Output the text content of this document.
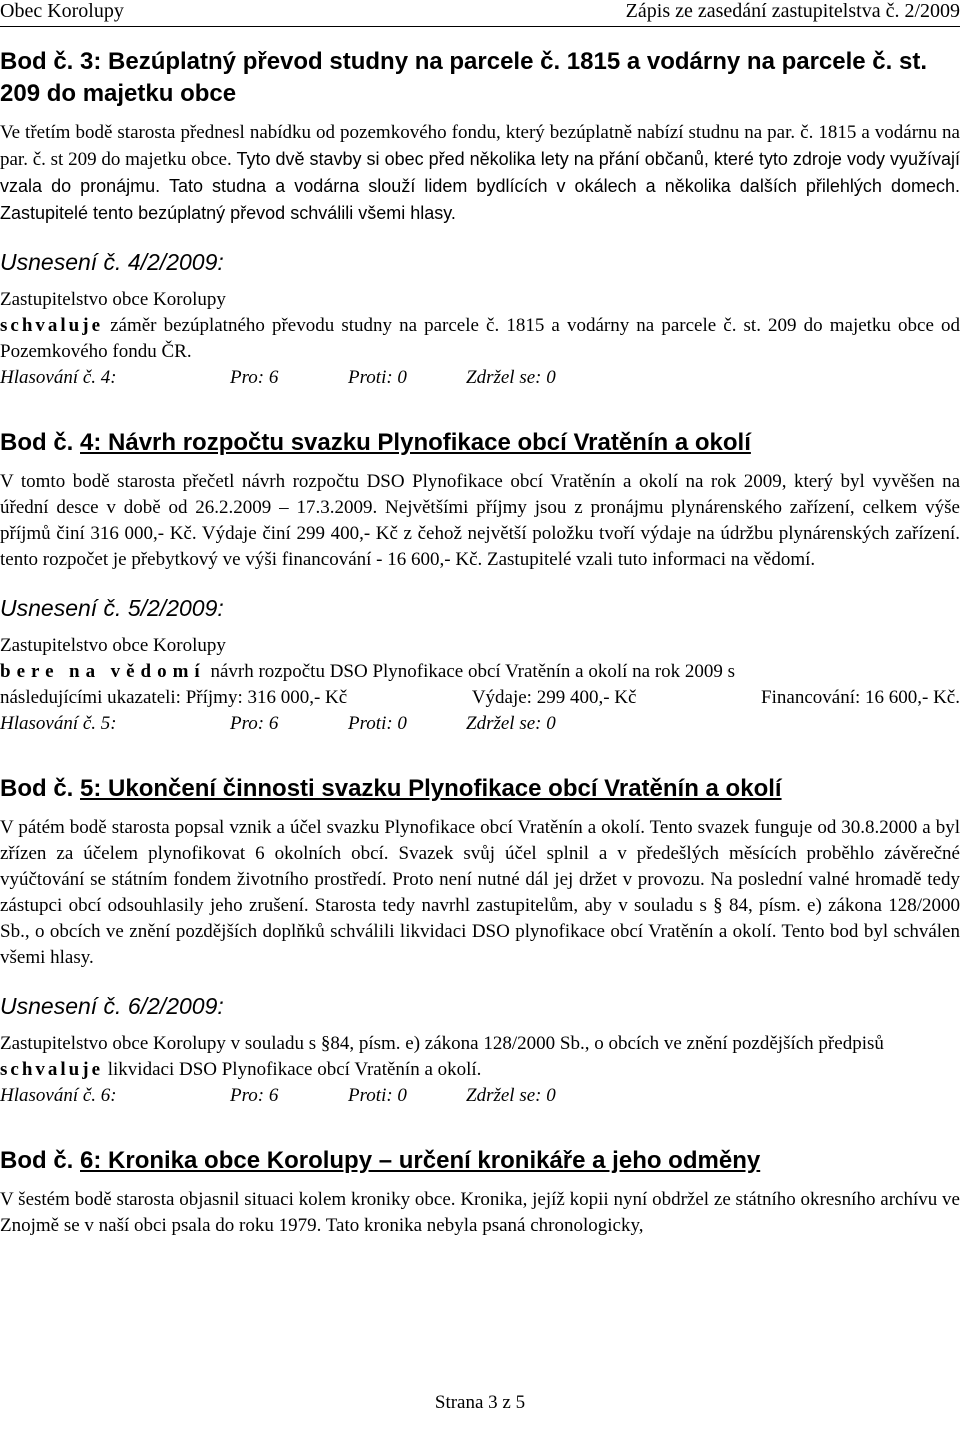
Obec Korolupy	Zápis ze zasedání zastupitelstva č. 2/2009

Bod č. 3: Bezúplatný převod studny na parcele č. 1815 a vodárny na parcele č. st. 209 do majetku obce

Ve třetím bodě starosta přednesl nabídku od pozemkového fondu, který bezúplatně nabízí studnu na par. č. 1815 a vodárnu na par. č. st 209 do majetku obce. Tyto dvě stavby si obec před několika lety na přání občanů, které tyto zdroje vody využívají vzala do pronájmu. Tato studna a vodárna slouží lidem bydlících v okálech a několika dalších přilehlých domech. Zastupitelé tento bezúplatný převod schválili všemi hlasy.

Usnesení č. 4/2/2009:

Zastupitelstvo obce Korolupy

schvaluje záměr bezúplatného převodu studny na parcele č. 1815 a vodárny na parcele č. st. 209 do majetku obce od Pozemkového fondu ČR.

Hlasování č. 4:	Pro: 6	Proti: 0	Zdržel se: 0

Bod č. 4: Návrh rozpočtu svazku Plynofikace obcí Vratěnín a okolí

V tomto bodě starosta přečetl návrh rozpočtu DSO Plynofikace obcí Vratěnín a okolí na rok 2009, který byl vyvěšen na úřední desce v době od 26.2.2009 – 17.3.2009. Největšími příjmy jsou z pronájmu plynárenského zařízení, celkem výše příjmů činí 316 000,- Kč. Výdaje činí 299 400,- Kč z čehož největší položku tvoří výdaje na údržbu plynárenských zařízení. tento rozpočet je přebytkový ve výši financování - 16 600,- Kč. Zastupitelé vzali tuto informaci na vědomí.

Usnesení č. 5/2/2009:

Zastupitelstvo obce Korolupy

bere na vědomí návrh rozpočtu DSO Plynofikace obcí Vratěnín a okolí na rok 2009 s

následujícími ukazateli: Příjmy: 316 000,- Kč	Výdaje: 299 400,- Kč	Financování: 16 600,- Kč.

Hlasování č. 5:	Pro: 6	Proti: 0	Zdržel se: 0

Bod č. 5: Ukončení činnosti svazku Plynofikace obcí Vratěnín a okolí

V pátém bodě starosta popsal vznik a účel svazku Plynofikace obcí Vratěnín a okolí. Tento svazek funguje od 30.8.2000 a byl zřízen za účelem plynofikovat 6 okolních obcí. Svazek svůj účel splnil a v předešlých měsících proběhlo závěrečné vyúčtování se státním fondem životního prostředí. Proto není nutné dál jej držet v provozu. Na poslední valné hromadě tedy zástupci obcí odsouhlasily jeho zrušení. Starosta tedy navrhl zastupitelům, aby v souladu s § 84, písm. e) zákona 128/2000 Sb., o obcích ve znění pozdějších doplňků schválili likvidaci DSO plynofikace obcí Vratěnín a okolí. Tento bod byl schválen všemi hlasy.

Usnesení č. 6/2/2009:

Zastupitelstvo obce Korolupy v souladu s §84, písm. e) zákona 128/2000 Sb., o obcích ve znění pozdějších předpisů

schvaluje likvidaci DSO Plynofikace obcí Vratěnín a okolí.

Hlasování č. 6:	Pro: 6	Proti: 0	Zdržel se: 0

Bod č. 6: Kronika obce Korolupy – určení kronikáře a jeho odměny

V šestém bodě starosta objasnil situaci kolem kroniky obce. Kronika, jejíž kopii nyní obdržel ze státního okresního archívu ve Znojmě se v naší obci psala do roku 1979. Tato kronika nebyla psaná chronologicky,

Strana 3 z 5
